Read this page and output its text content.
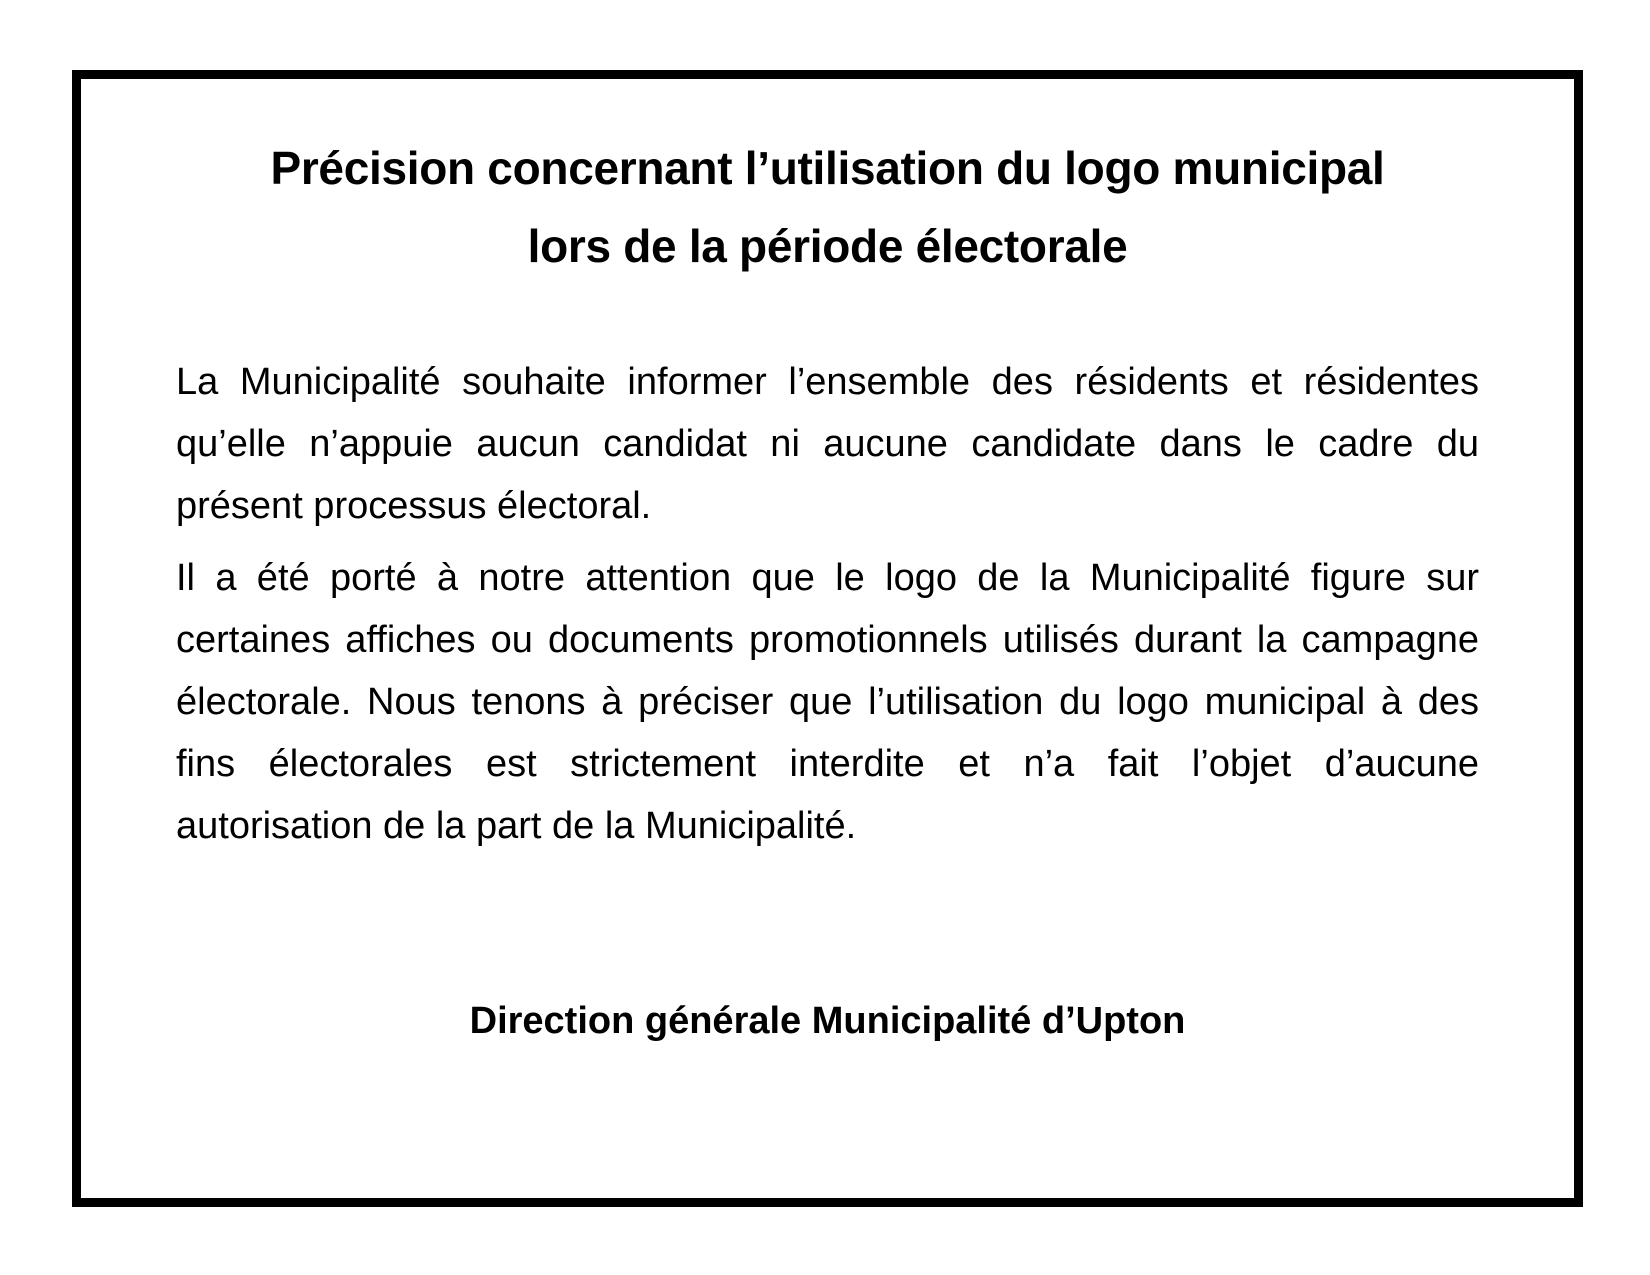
Précision concernant l’utilisation du logo municipal
lors de la période électorale

La Municipalité souhaite informer l’ensemble des résidents et résidentes qu’elle n’appuie aucun candidat ni aucune candidate dans le cadre du présent processus électoral.

Il a été porté à notre attention que le logo de la Municipalité figure sur certaines affiches ou documents promotionnels utilisés durant la campagne électorale. Nous tenons à préciser que l’utilisation du logo municipal à des fins électorales est strictement interdite et n’a fait l’objet d’aucune autorisation de la part de la Municipalité.

Direction générale Municipalité d’Upton
